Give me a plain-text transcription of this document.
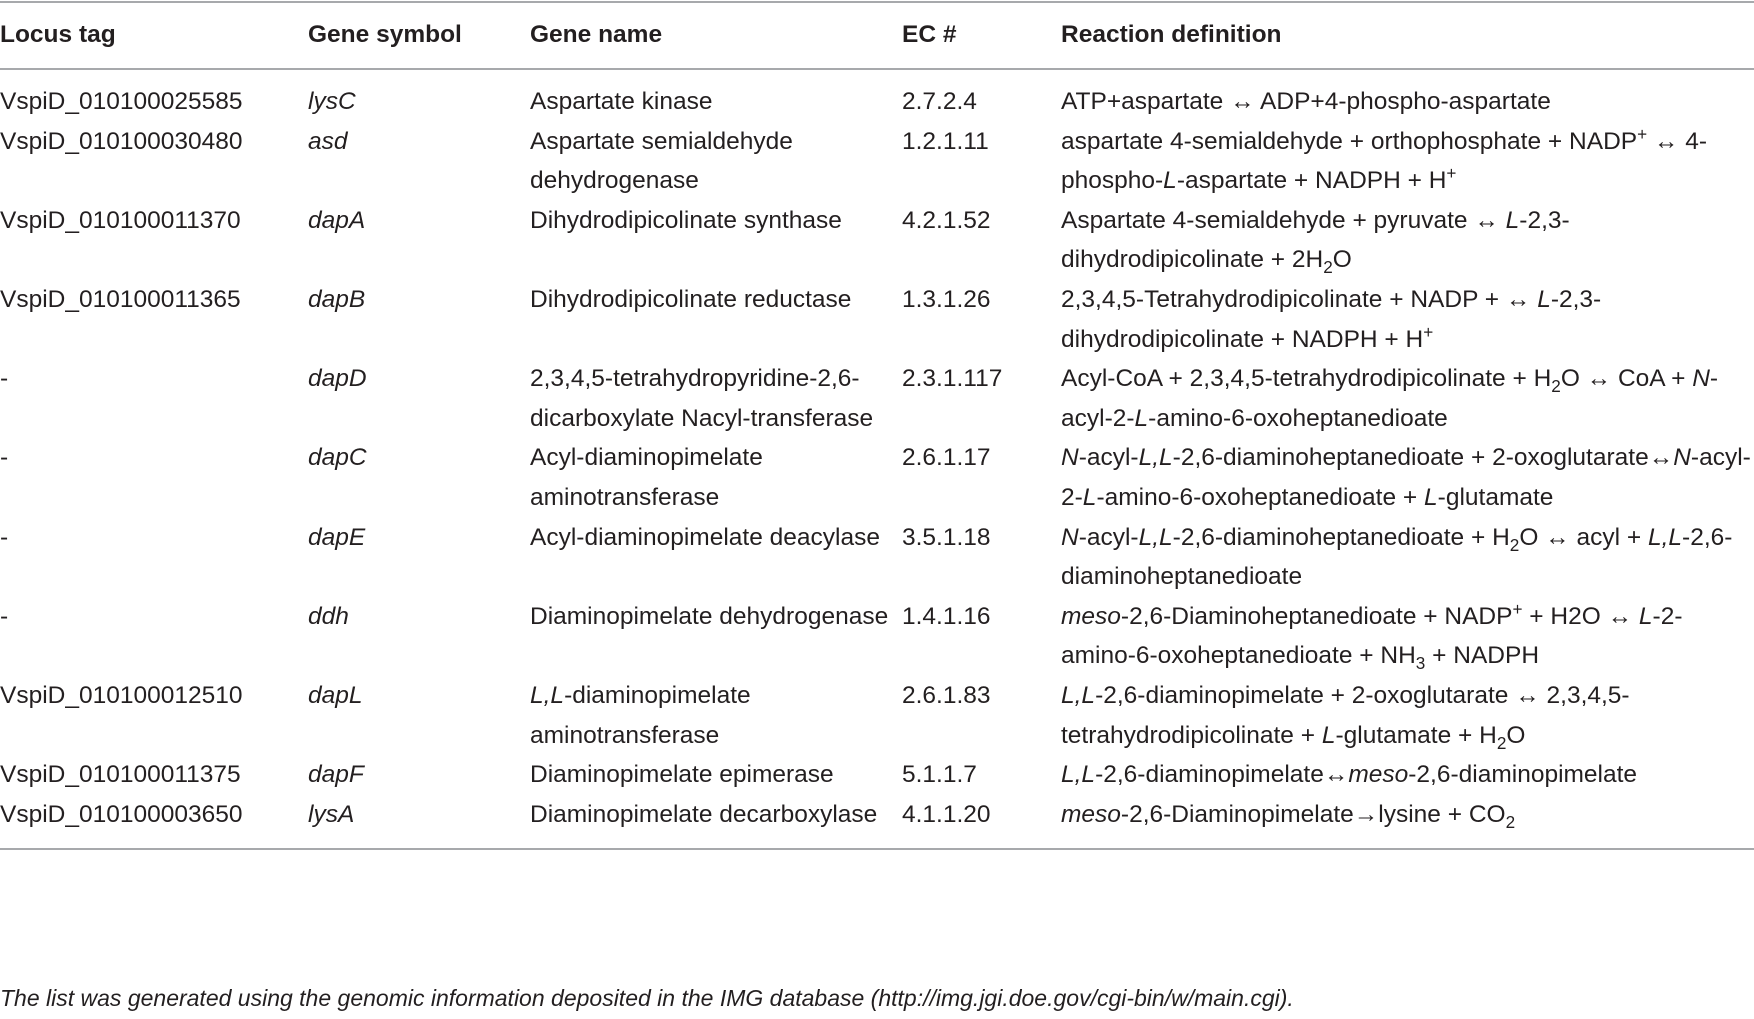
Locus tag	Gene symbol	Gene name	EC #	Reaction definition
VspiD_010100025585	lysC	Aspartate kinase	2.7.2.4	ATP+aspartate ↔ ADP+4-phospho-aspartate
VspiD_010100030480	asd	Aspartate semialdehyde dehydrogenase	1.2.1.11	aspartate 4-semialdehyde + orthophosphate + NADP+ ↔ 4-phospho-L-aspartate + NADPH + H+
VspiD_010100011370	dapA	Dihydrodipicolinate synthase	4.2.1.52	Aspartate 4-semialdehyde + pyruvate ↔ L-2,3-dihydrodipicolinate + $2H_2O$
VspiD_010100011365	dapB	Dihydrodipicolinate reductase	1.3.1.26	2,3,4,5-Tetrahydrodipicolinate + NADP + ↔ L-2,3-dihydrodipicolinate + NADPH + H+
-	dapD	2,3,4,5-tetrahydropyridine-2,6-dicarboxylate Nacyl-transferase	2.3.1.117	Acyl-CoA + 2,3,4,5-tetrahydrodipicolinate + $H_2O$ ↔ CoA + N-acyl-2-L-amino-6-oxoheptanedioate
-	dapC	Acyl-diaminopimelate aminotransferase	2.6.1.17	N-acyl-L,L-2,6-diaminoheptanedioate + 2-oxoglutarate↔N-acyl-2-L-amino-6-oxoheptanedioate + L-glutamate
-	dapE	Acyl-diaminopimelate deacylase	3.5.1.18	N-acyl-L,L-2,6-diaminoheptanedioate + $H_2O$ ↔ acyl + L,L-2,6-diaminoheptanedioate
-	ddh	Diaminopimelate dehydrogenase	1.4.1.16	meso-2,6-Diaminoheptanedioate + NADP+ + H2O ↔ L-2-amino-6-oxoheptanedioate + $NH_3$ + NADPH
VspiD_010100012510	dapL	L,L-diaminopimelate aminotransferase	2.6.1.83	L,L-2,6-diaminopimelate + 2-oxoglutarate ↔ 2,3,4,5-tetrahydrodipicolinate + L-glutamate + $H_2O$
VspiD_010100011375	dapF	Diaminopimelate epimerase	5.1.1.7	L,L-2,6-diaminopimelate↔meso-2,6-diaminopimelate
VspiD_010100003650	lysA	Diaminopimelate decarboxylase	4.1.1.20	meso-2,6-Diaminopimelate→lysine + $CO_2$
The list was generated using the genomic information deposited in the IMG database (http://img.jgi.doe.gov/cgi-bin/w/main.cgi).
